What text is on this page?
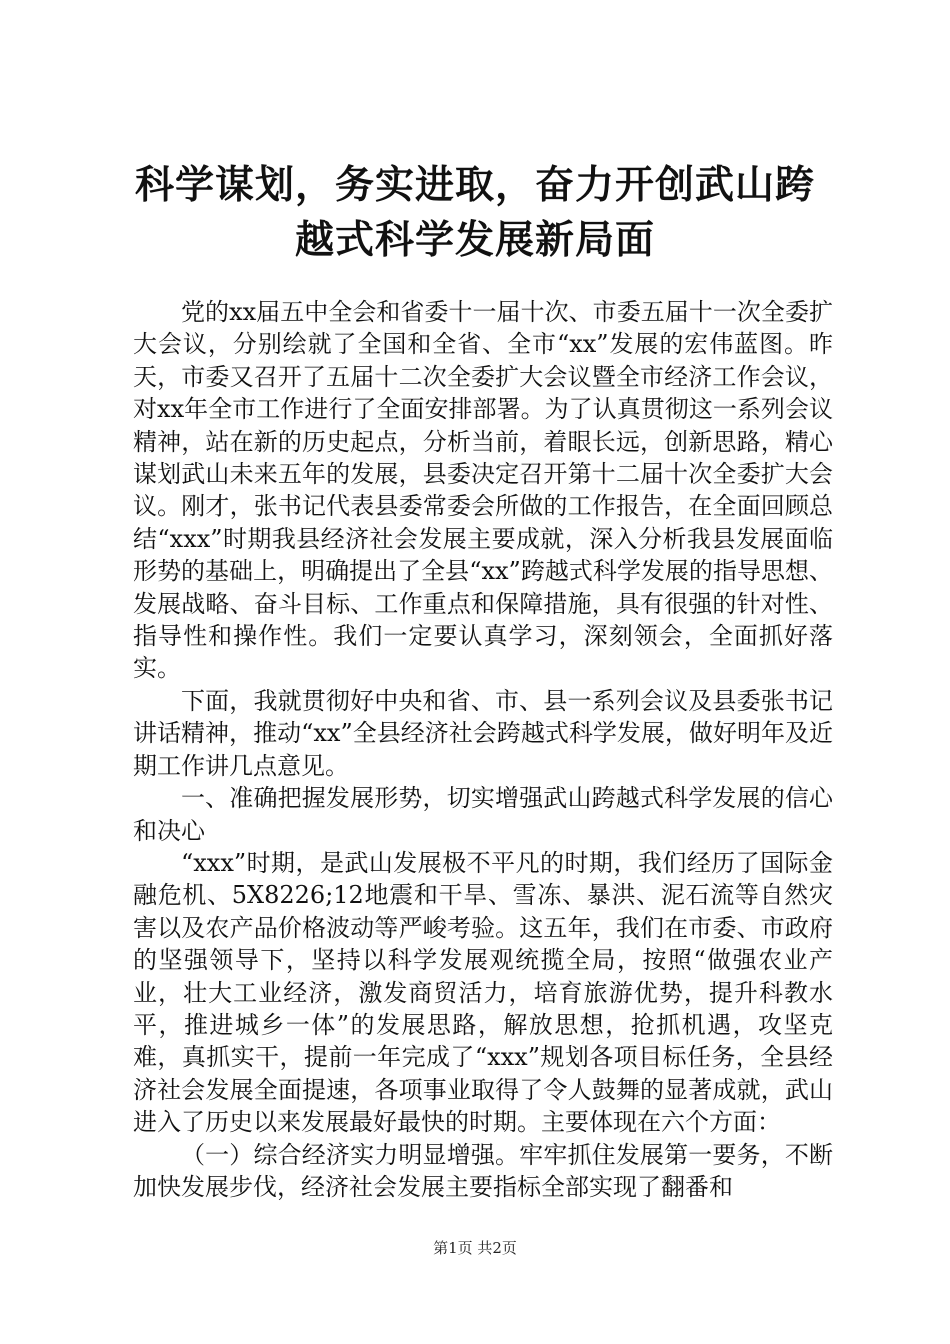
科学谋划，务实进取，奋力开创武山跨越式科学发展新局面

党的xx届五中全会和省委十一届十次、市委五届十一次全委扩大会议，分别绘就了全国和全省、全市“xx”发展的宏伟蓝图。昨天，市委又召开了五届十二次全委扩大会议暨全市经济工作会议，对xx年全市工作进行了全面安排部署。为了认真贯彻这一系列会议精神，站在新的历史起点，分析当前，着眼长远，创新思路，精心谋划武山未来五年的发展，县委决定召开第十二届十次全委扩大会议。刚才，张书记代表县委常委会所做的工作报告，在全面回顾总结“xxx”时期我县经济社会发展主要成就，深入分析我县发展面临形势的基础上，明确提出了全县“xx”跨越式科学发展的指导思想、发展战略、奋斗目标、工作重点和保障措施，具有很强的针对性、指导性和操作性。我们一定要认真学习，深刻领会，全面抓好落实。

下面，我就贯彻好中央和省、市、县一系列会议及县委张书记讲话精神，推动“xx”全县经济社会跨越式科学发展，做好明年及近期工作讲几点意见。

一、准确把握发展形势，切实增强武山跨越式科学发展的信心和决心

“xxx”时期，是武山发展极不平凡的时期，我们经历了国际金融危机、5X8226;12地震和干旱、雪冻、暴洪、泥石流等自然灾害以及农产品价格波动等严峻考验。这五年，我们在市委、市政府的坚强领导下，坚持以科学发展观统揽全局，按照“做强农业产业，壮大工业经济，激发商贸活力，培育旅游优势，提升科教水平，推进城乡一体”的发展思路，解放思想，抢抓机遇，攻坚克难，真抓实干，提前一年完成了“xxx”规划各项目标任务，全县经济社会发展全面提速，各项事业取得了令人鼓舞的显著成就，武山进入了历史以来发展最好最快的时期。主要体现在六个方面：

（一）综合经济实力明显增强。牢牢抓住发展第一要务，不断加快发展步伐，经济社会发展主要指标全部实现了翻番和

第1页 共2页
